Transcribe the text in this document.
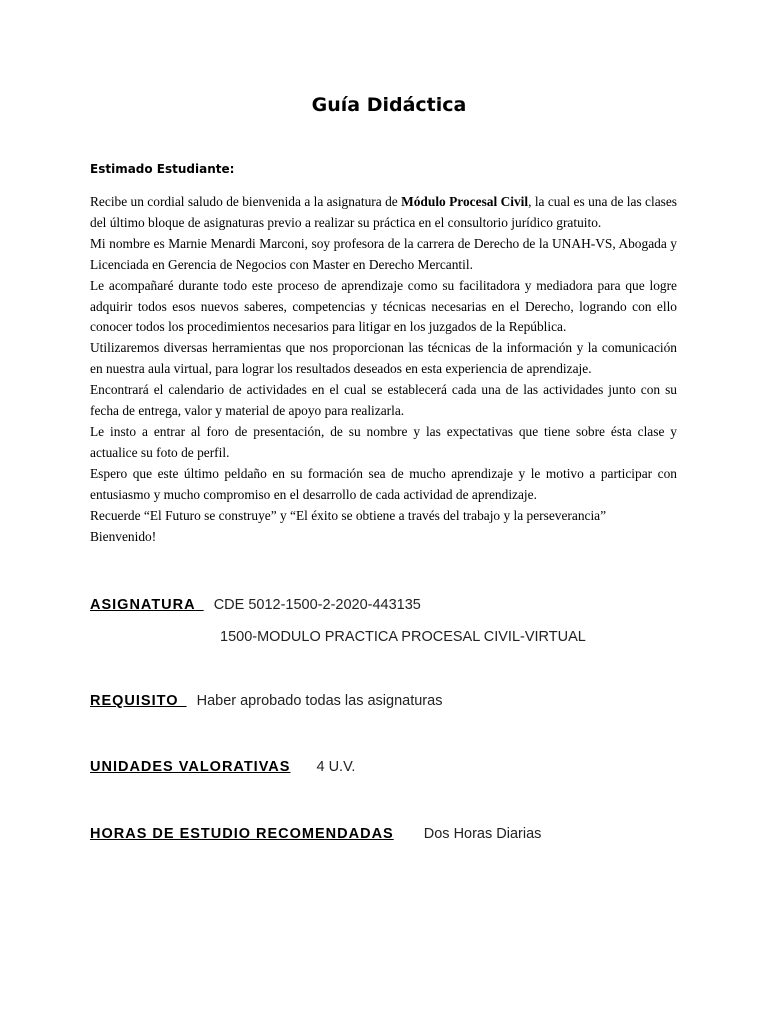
Guía Didáctica

Estimado Estudiante:

Recibe un cordial saludo de bienvenida a la asignatura de Módulo Procesal Civil, la cual es una de las clases del último bloque de asignaturas previo a realizar su práctica en el consultorio jurídico gratuito.

Mi nombre es Marnie Menardi Marconi, soy profesora de la carrera de Derecho de la UNAH-VS, Abogada y Licenciada en Gerencia de Negocios con Master en Derecho Mercantil.

Le acompañaré durante todo este proceso de aprendizaje como su facilitadora y mediadora para que logre adquirir todos esos nuevos saberes, competencias y técnicas necesarias en el Derecho, logrando con ello conocer todos los procedimientos necesarios para litigar en los juzgados de la República.

Utilizaremos diversas herramientas que nos proporcionan las técnicas de la información y la comunicación en nuestra aula virtual, para lograr los resultados deseados en esta experiencia de aprendizaje.

Encontrará el calendario de actividades en el cual se establecerá cada una de las actividades junto con su fecha de entrega, valor y material de apoyo para realizarla.

Le insto a entrar al foro de presentación, de su nombre y las expectativas que tiene sobre ésta clase y actualice su foto de perfil.

Espero que este último peldaño en su formación sea de mucho aprendizaje y le motivo a participar con entusiasmo y mucho compromiso en el desarrollo de cada actividad de aprendizaje.

Recuerde “El Futuro se construye” y “El éxito se obtiene a través del trabajo y la perseverancia”

Bienvenido!

ASIGNATURA CDE 5012-1500-2-2020-443135

1500-MODULO PRACTICA PROCESAL CIVIL-VIRTUAL

REQUISITO Haber aprobado todas las asignaturas

UNIDADES VALORATIVAS 4 U.V.

HORAS DE ESTUDIO RECOMENDADAS Dos Horas Diarias
